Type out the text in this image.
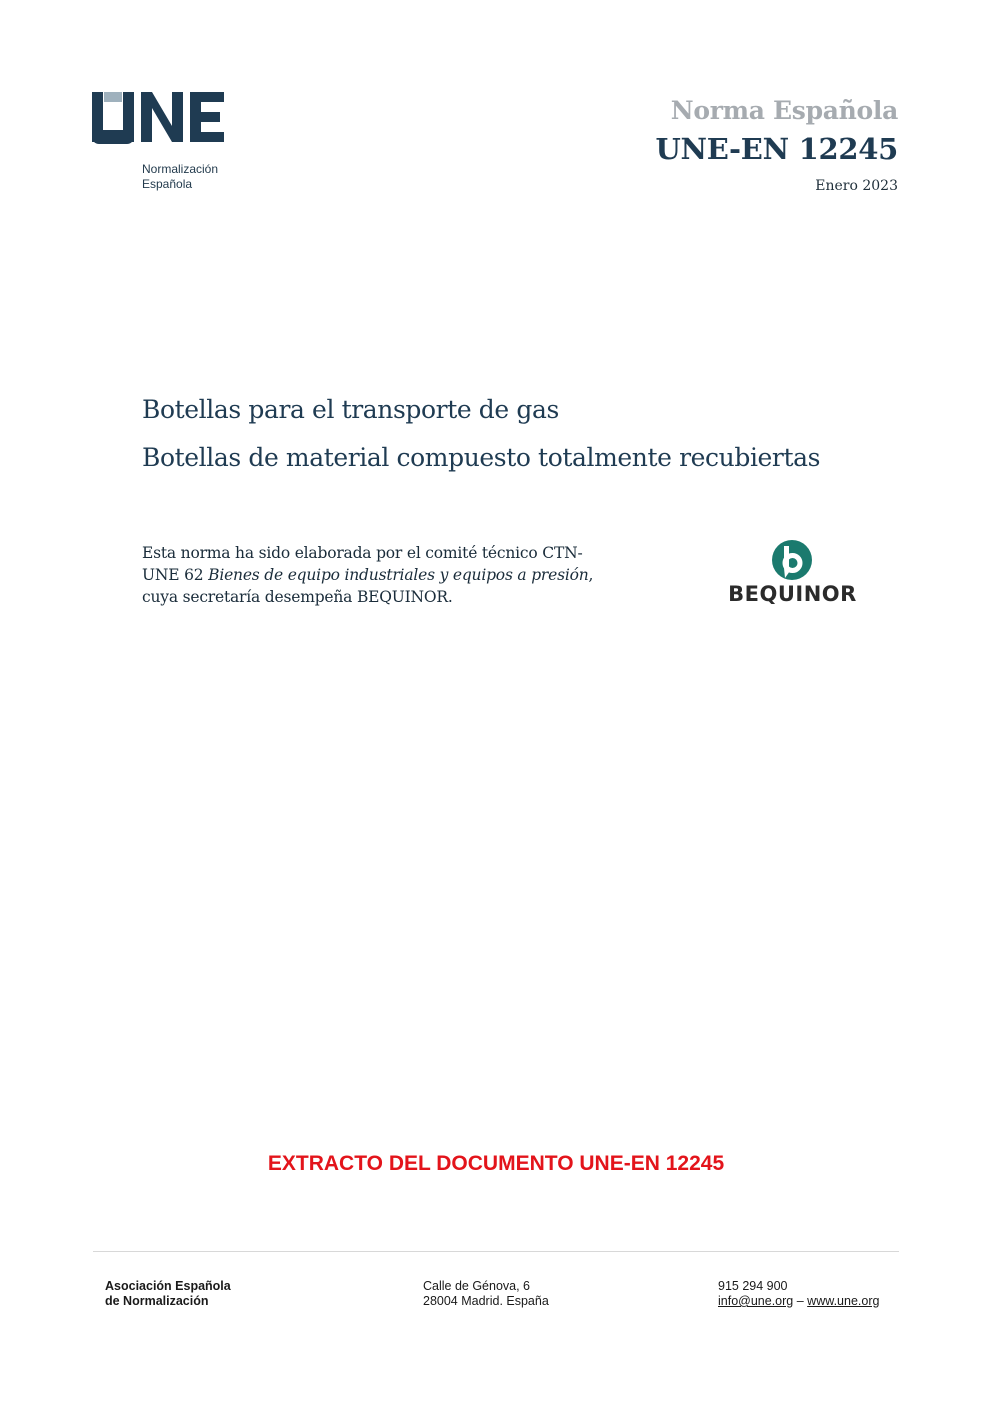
Normalización
Española
Norma Española
UNE-EN 12245
Enero 2023
Botellas para el transporte de gas
Botellas de material compuesto totalmente recubiertas
Esta norma ha sido elaborada por el comité técnico CTN-UNE 62 Bienes de equipo industriales y equipos a presión, cuya secretaría desempeña BEQUINOR.	BEQUINOR
EXTRACTO DEL DOCUMENTO UNE-EN 12245
Asociación Española
de Normalización
Calle de Génova, 6
28004 Madrid. España
915 294 900
info@une.org – www.une.org
